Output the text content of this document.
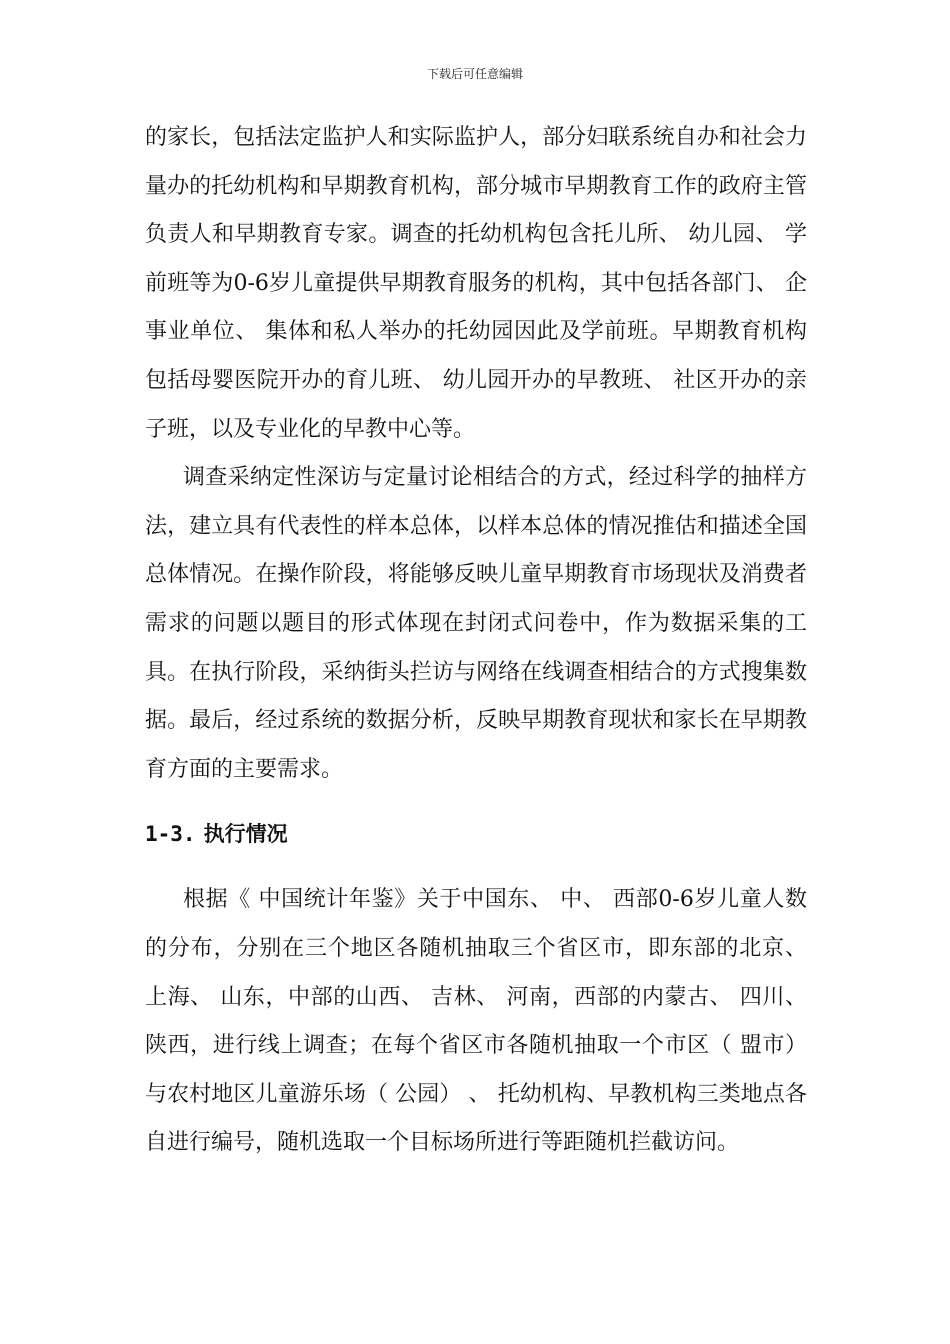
下载后可任意编辑

的家长，包括法定监护人和实际监护人，部分妇联系统自办和社会力量办的托幼机构和早期教育机构，部分城市早期教育工作的政府主管负责人和早期教育专家。调查的托幼机构包含托儿所、 幼儿园、 学前班等为0-6岁儿童提供早期教育服务的机构，其中包括各部门、 企事业单位、 集体和私人举办的托幼园因此及学前班。早期教育机构包括母婴医院开办的育儿班、 幼儿园开办的早教班、 社区开办的亲子班，以及专业化的早教中心等。

调查采纳定性深访与定量讨论相结合的方式，经过科学的抽样方法，建立具有代表性的样本总体，以样本总体的情况推估和描述全国总体情况。在操作阶段，将能够反映儿童早期教育市场现状及消费者需求的问题以题目的形式体现在封闭式问卷中，作为数据采集的工具。在执行阶段，采纳街头拦访与网络在线调查相结合的方式搜集数据。最后，经过系统的数据分析，反映早期教育现状和家长在早期教育方面的主要需求。

1-3. 执行情况

根据《 中国统计年鉴》关于中国东、 中、 西部0-6岁儿童人数的分布，分别在三个地区各随机抽取三个省区市，即东部的北京、 上海、 山东，中部的山西、 吉林、 河南，西部的内蒙古、 四川、 陕西，进行线上调查；在每个省区市各随机抽取一个市区（ 盟市） 与农村地区儿童游乐场（ 公园） 、 托幼机构、早教机构三类地点各自进行编号，随机选取一个目标场所进行等距随机拦截访问。
